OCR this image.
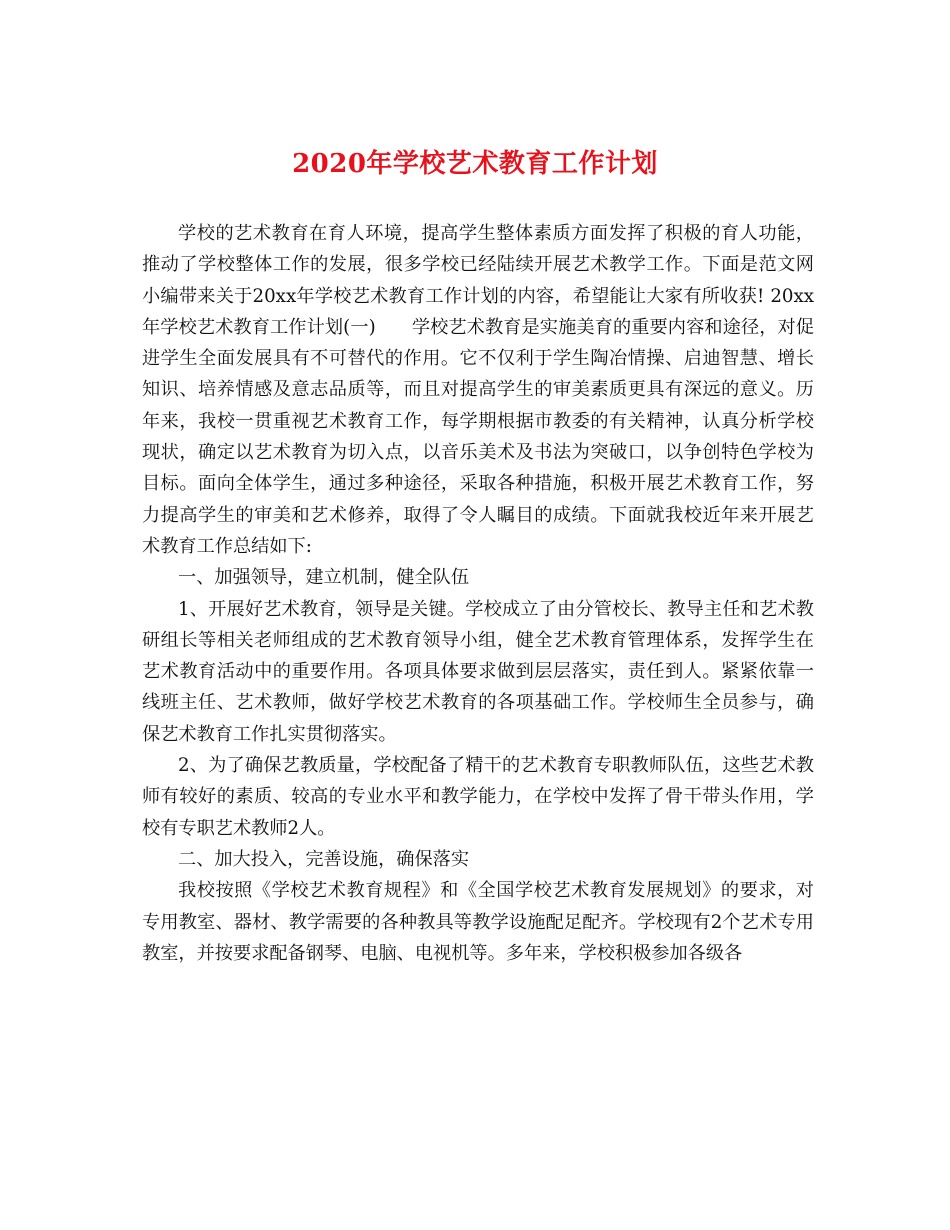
2020年学校艺术教育工作计划

学校的艺术教育在育人环境，提高学生整体素质方面发挥了积极的育人功能，推动了学校整体工作的发展，很多学校已经陆续开展艺术教学工作。下面是范文网小编带来关于20xx年学校艺术教育工作计划的内容，希望能让大家有所收获! 20xx年学校艺术教育工作计划(一) 学校艺术教育是实施美育的重要内容和途径，对促进学生全面发展具有不可替代的作用。它不仅利于学生陶冶情操、启迪智慧、增长知识、培养情感及意志品质等，而且对提高学生的审美素质更具有深远的意义。历年来，我校一贯重视艺术教育工作，每学期根据市教委的有关精神，认真分析学校现状，确定以艺术教育为切入点，以音乐美术及书法为突破口，以争创特色学校为目标。面向全体学生，通过多种途径，采取各种措施，积极开展艺术教育工作，努力提高学生的审美和艺术修养，取得了令人瞩目的成绩。下面就我校近年来开展艺术教育工作总结如下:

一、加强领导，建立机制，健全队伍

1、开展好艺术教育，领导是关键。学校成立了由分管校长、教导主任和艺术教研组长等相关老师组成的艺术教育领导小组，健全艺术教育管理体系，发挥学生在艺术教育活动中的重要作用。各项具体要求做到层层落实，责任到人。紧紧依靠一线班主任、艺术教师，做好学校艺术教育的各项基础工作。学校师生全员参与，确保艺术教育工作扎实贯彻落实。

2、为了确保艺教质量，学校配备了精干的艺术教育专职教师队伍，这些艺术教师有较好的素质、较高的专业水平和教学能力，在学校中发挥了骨干带头作用，学校有专职艺术教师2人。

二、加大投入，完善设施，确保落实

我校按照《学校艺术教育规程》和《全国学校艺术教育发展规划》的要求，对专用教室、器材、教学需要的各种教具等教学设施配足配齐。学校现有2个艺术专用教室，并按要求配备钢琴、电脑、电视机等。多年来，学校积极参加各级各
